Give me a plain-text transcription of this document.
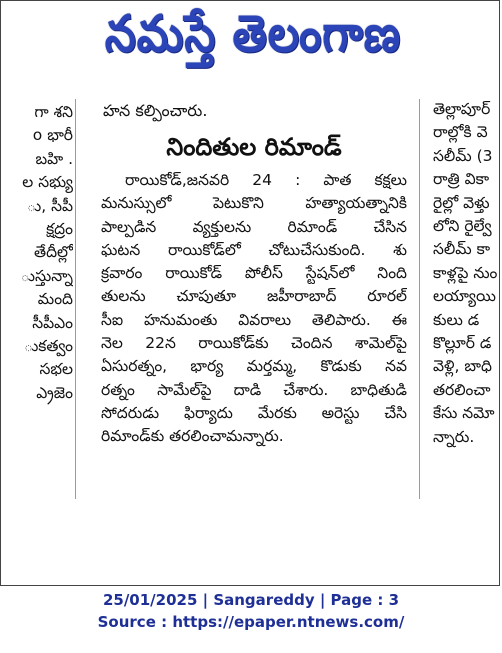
నమస్తే తెలంగాణ
గా శని
o భారీ
. బహి
ల సభ్యు
ు, సీపీ
క్షద్రం
తేదీల్లో
ుస్తున్నా
మంది
సీపీఎం
ుకత్వం
సభల
ఎ్రజెం
హన కల్పించారు.
నిందితుల రిమాండ్
రాయికోడ్,జనవరి 24 : పాత కక్షలు
మనుస్సులో పెటుకొని హత్యాయత్నానికి
పాల్పడిన వ్యక్తులను రిమాండ్ చేసిన
ఘటన రాయికోడ్‌లో చోటుచేసుకుంది. శు
క్రవారం రాయికోడ్ పోలీస్ స్టేషన్‌లో నింది
తులను చూపుతూ జహీరాబాద్ రూరల్
సీఐ హనుమంతు వివరాలు తెలిపారు. ఈ
నెల 22న రాయికోడ్‌కు చెందిన శామెల్‌పై
ఏసురత్నం, భార్య మర్తమ్మ, కొడుకు నవ
రత్నం సామేల్‌పై దాడి చేశారు. బాధితుడి
సోదరుడు ఫిర్యాదు మేరకు అరెస్టు చేసి
రిమాండ్‌కు తరలించామన్నారు.
తెల్లాపూర్
రాల్లోకి వె
సలీమ్ (3
రాత్రి వికా
రైల్లో వెళ్తు
లోని రైల్వే
సలీమ్ కా
కాళ్లపై నుం
లయ్యాయి
కులు డ
కొల్లూర్ డ
వెళ్లి, బాధి
తరలించా
కేసు నమో
న్నారు.
25/01/2025 | Sangareddy | Page : 3
Source : https://epaper.ntnews.com/
